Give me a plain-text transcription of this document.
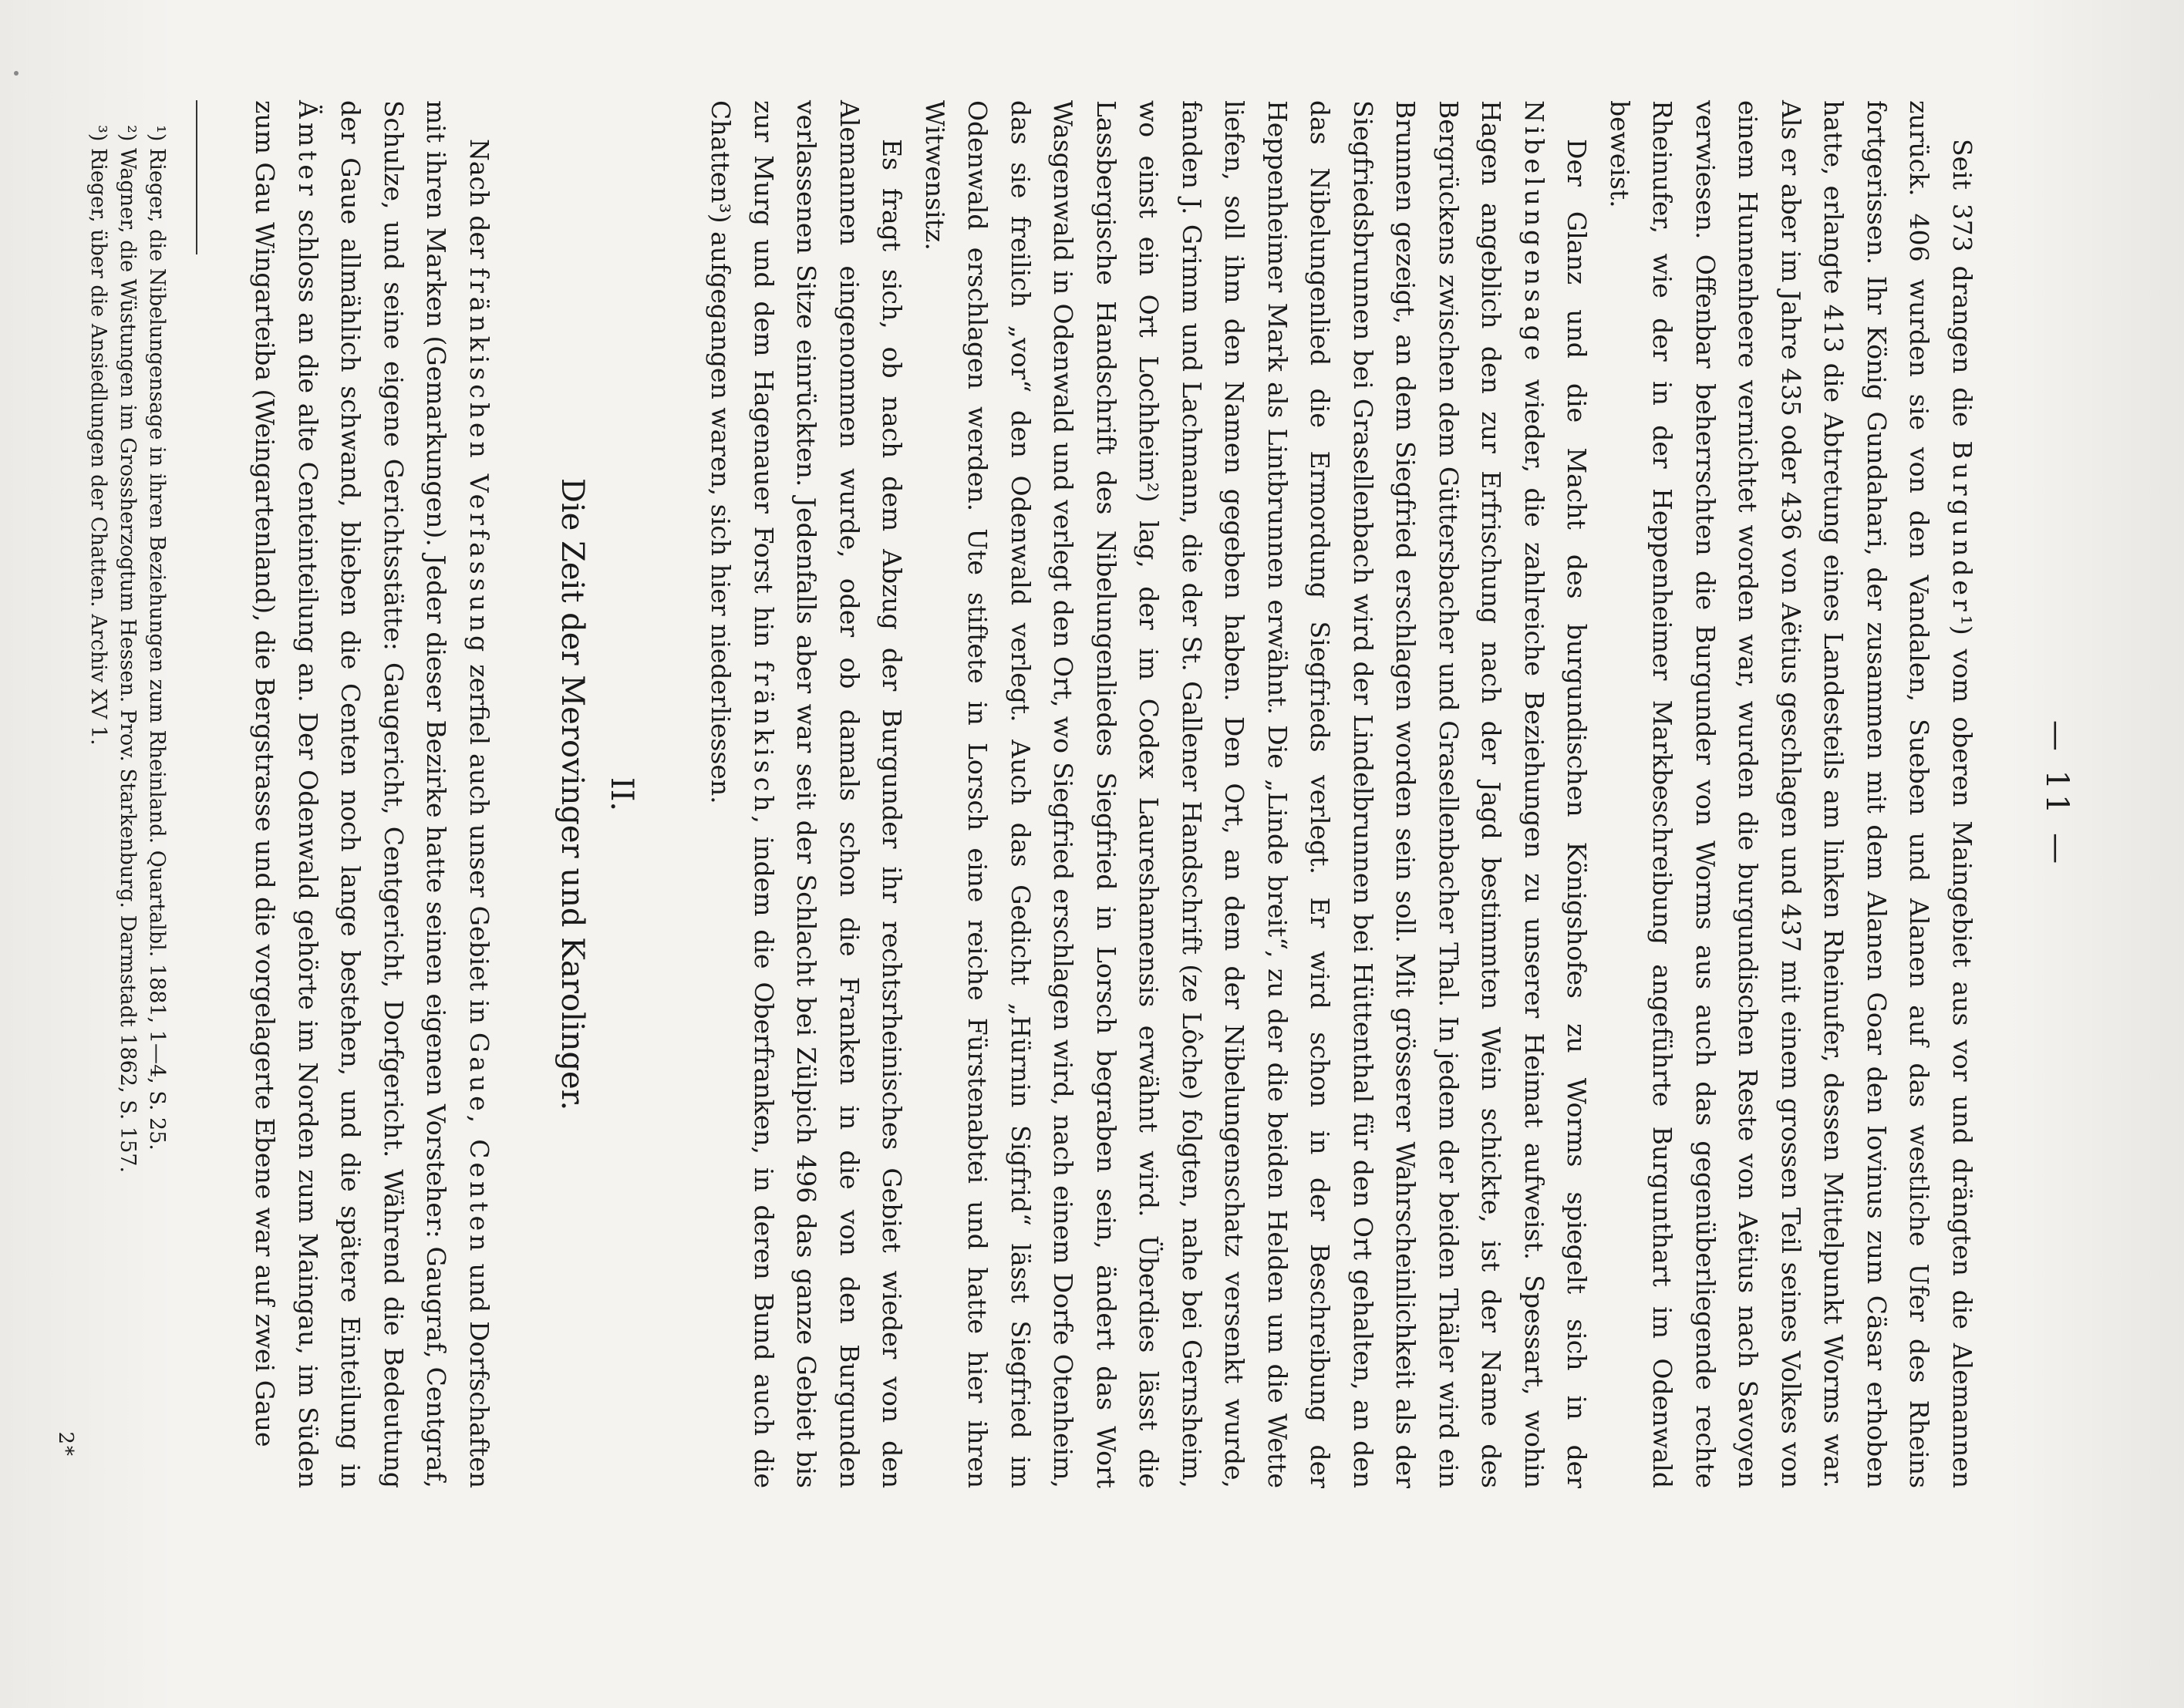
— 11 —

Seit 373 drangen die Burgunder¹) vom oberen Maingebiet aus vor und drängten die Alemannen zurück. 406 wurden sie von den Vandalen, Sueben und Alanen auf das westliche Ufer des Rheins fortgerissen. Ihr König Gundahari, der zusammen mit dem Alanen Goar den Iovinus zum Cäsar erhoben hatte, erlangte 413 die Abtretung eines Landesteils am linken Rheinufer, dessen Mittelpunkt Worms war. Als er aber im Jahre 435 oder 436 von Aëtius geschlagen und 437 mit einem grossen Teil seines Volkes von einem Hunnenheere vernichtet worden war, wurden die burgundischen Reste von Aëtius nach Savoyen verwiesen. Offenbar beherrschten die Burgunder von Worms aus auch das gegenüberliegende rechte Rheinufer, wie der in der Heppenheimer Markbeschreibung angeführte Burgunthart im Odenwald beweist.

Der Glanz und die Macht des burgundischen Königshofes zu Worms spiegelt sich in der Nibelungensage wieder, die zahlreiche Beziehungen zu unserer Heimat aufweist. Spessart, wohin Hagen angeblich den zur Erfrischung nach der Jagd bestimmten Wein schickte, ist der Name des Bergrückens zwischen dem Güttersbacher und Grasellenbacher Thal. In jedem der beiden Thäler wird ein Brunnen gezeigt, an dem Siegfried erschlagen worden sein soll. Mit grösserer Wahrscheinlichkeit als der Siegfriedsbrunnen bei Grasellenbach wird der Lindelbrunnen bei Hüttenthal für den Ort gehalten, an den das Nibelungenlied die Ermordung Siegfrieds verlegt. Er wird schon in der Beschreibung der Heppenheimer Mark als Lintbrunnen erwähnt. Die „Linde breit“, zu der die beiden Helden um die Wette liefen, soll ihm den Namen gegeben haben. Den Ort, an dem der Nibelungenschatz versenkt wurde, fanden J. Grimm und Lachmann, die der St. Gallener Handschrift (ze Lôche) folgten, nahe bei Gernsheim, wo einst ein Ort Lochheim²) lag, der im Codex Laureshamensis erwähnt wird. Überdies lässt die Lassbergische Handschrift des Nibelungenliedes Siegfried in Lorsch begraben sein, ändert das Wort Wasgenwald in Odenwald und verlegt den Ort, wo Siegfried erschlagen wird, nach einem Dorfe Otenheim, das sie freilich „vor“ den Odenwald verlegt. Auch das Gedicht „Hürnin Sigfrid“ lässt Siegfried im Odenwald erschlagen werden. Ute stiftete in Lorsch eine reiche Fürstenabtei und hatte hier ihren Witwensitz.

Es fragt sich, ob nach dem Abzug der Burgunder ihr rechtsrheinisches Gebiet wieder von den Alemannen eingenommen wurde, oder ob damals schon die Franken in die von den Burgunden verlassenen Sitze einrückten. Jedenfalls aber war seit der Schlacht bei Zülpich 496 das ganze Gebiet bis zur Murg und dem Hagenauer Forst hin fränkisch, indem die Oberfranken, in deren Bund auch die Chatten³) aufgegangen waren, sich hier niederliessen.

II.
Die Zeit der Merovinger und Karolinger.

Nach der fränkischen Verfassung zerfiel auch unser Gebiet in Gaue, Centen und Dorfschaften mit ihren Marken (Gemarkungen). Jeder dieser Bezirke hatte seinen eigenen Vorsteher: Gaugraf, Centgraf, Schulze, und seine eigene Gerichtsstätte: Gaugericht, Centgericht, Dorfgericht. Während die Bedeutung der Gaue allmählich schwand, blieben die Centen noch lange bestehen, und die spätere Einteilung in Ämter schloss an die alte Centeinteilung an. Der Odenwald gehörte im Norden zum Maingau, im Süden zum Gau Wingarteiba (Weingartenland), die Bergstrasse und die vorgelagerte Ebene war auf zwei Gaue

¹) Rieger, die Nibelungensage in ihren Beziehungen zum Rheinland. Quartalbl. 1881, 1—4, S. 25.

²) Wagner, die Wüstungen im Grossherzogtum Hessen. Prov. Starkenburg. Darmstadt 1862, S. 157.

³) Rieger, über die Ansiedlungen der Chatten. Archiv XV 1.

2*
